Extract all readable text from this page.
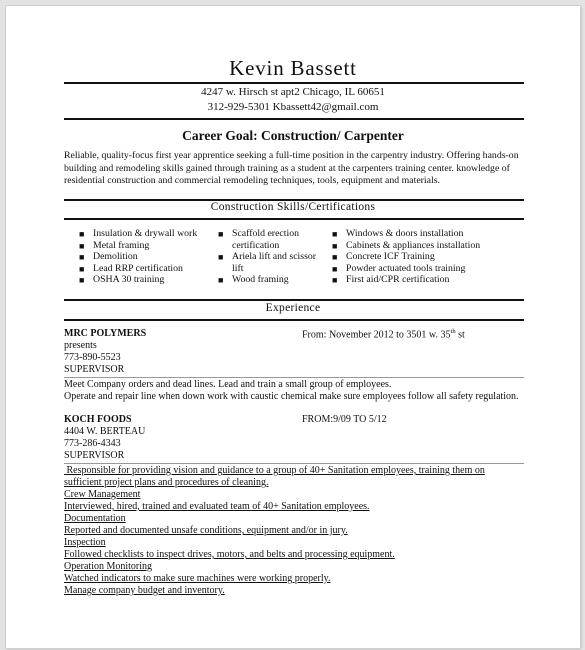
Kevin Bassett
4247 w. Hirsch st apt2 Chicago, IL 60651
312-929-5301 Kbassett42@gmail.com
Career Goal: Construction/ Carpenter
Reliable, quality-focus first year apprentice seeking a full-time position in the carpentry industry. Offering hands-on building and remodeling skills gained through training as a student at the carpenters training center. knowledge of residential construction and commercial remodeling techniques, tools, equipment and materials.
Construction Skills/Certifications
■ Insulation & drywall work
■ Metal framing
■ Demolition
■ Lead RRP certification
■ OSHA 30 training
■ Scaffold erection
certification
■ Ariela lift and scissor
lift
■ Wood framing
■ Windows & doors installation
■ Cabinets & appliances installation
■ Concrete ICF Training
■ Powder actuated tools training
■ First aid/CPR certification
Experience
MRC POLYMERS	From: November 2012 to 3501 w. 35th st
presents
773-890-5523
SUPERVISOR
Meet Company orders and dead lines. Lead and train a small group of employees.
Operate and repair line when down work with caustic chemical make sure employees follow all safety regulation.
KOCH FOODS	FROM:9/09 TO 5/12
4404 W. BERTEAU
773-286-4343
SUPERVISOR
Responsible for providing vision and guidance to a group of 40+ Sanitation employees, training them on
sufficient project plans and procedures of cleaning.
Crew Management
Interviewed, hired, trained and evaluated team of 40+ Sanitation employees.
Documentation
Reported and documented unsafe conditions, equipment and/or in jury.
Inspection
Followed checklists to inspect drives, motors, and belts and processing equipment.
Operation Monitoring
Watched indicators to make sure machines were working properly.
Manage company budget and inventory.
